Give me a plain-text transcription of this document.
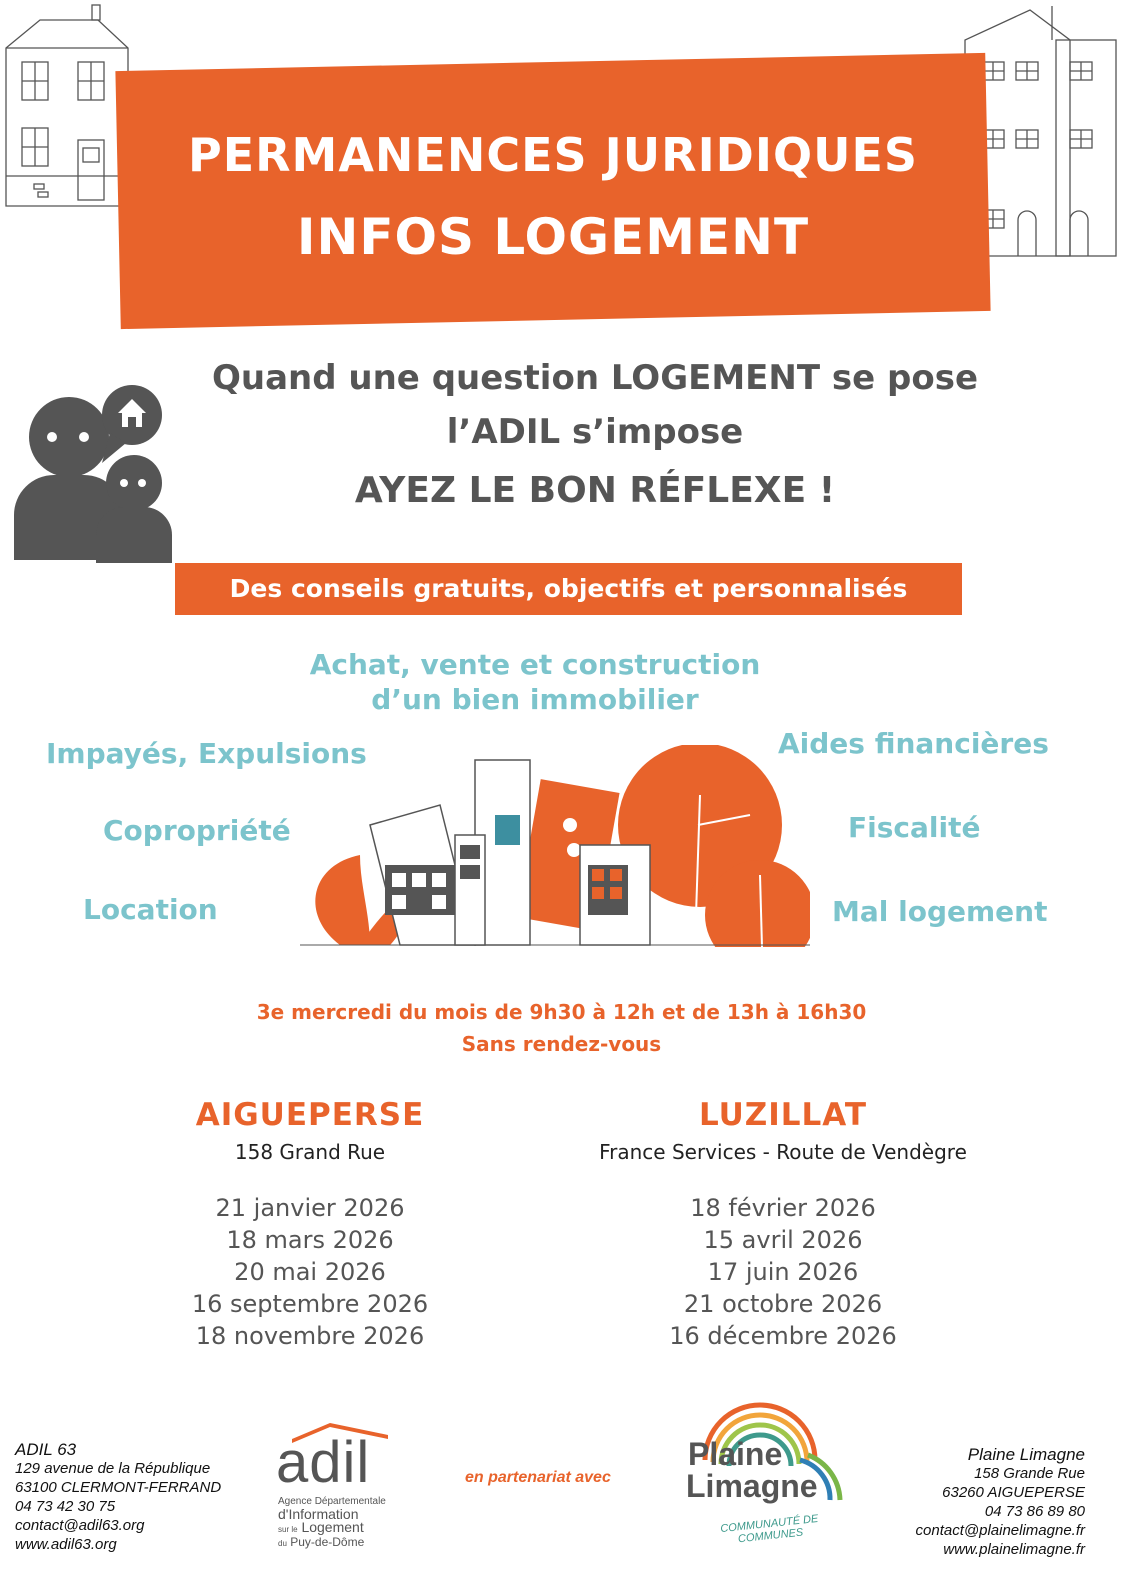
PERMANENCES JURIDIQUES
INFOS LOGEMENT
Quand une question LOGEMENT se pose
l’ADIL s’impose
AYEZ LE BON RÉFLEXE !
Des conseils gratuits, objectifs et personnalisés
Achat, vente et construction
d’un bien immobilier
Impayés, Expulsions
Copropriété
Location
Aides financières
Fiscalité
Mal logement
3e mercredi du mois de 9h30 à 12h et de 13h à 16h30
Sans rendez-vous
AIGUEPERSE
158 Grand Rue
21 janvier 2026
18 mars 2026
20 mai 2026
16 septembre 2026
18 novembre 2026
LUZILLAT
France Services - Route de Vendègre
18 février 2026
15 avril 2026
17 juin 2026
21 octobre 2026
16 décembre 2026
ADIL 63
129 avenue de la République
63100 CLERMONT-FERRAND
04 73 42 30 75
contact@adil63.org
www.adil63.org
adil
Agence Départementale
d'Information
sur le Logement
du Puy-de-Dôme
en partenariat avec
Plaine
Limagne
COMMUNAUTÉ DE COMMUNES
Plaine Limagne
158 Grande Rue
63260 AIGUEPERSE
04 73 86 89 80
contact@plainelimagne.fr
www.plainelimagne.fr
